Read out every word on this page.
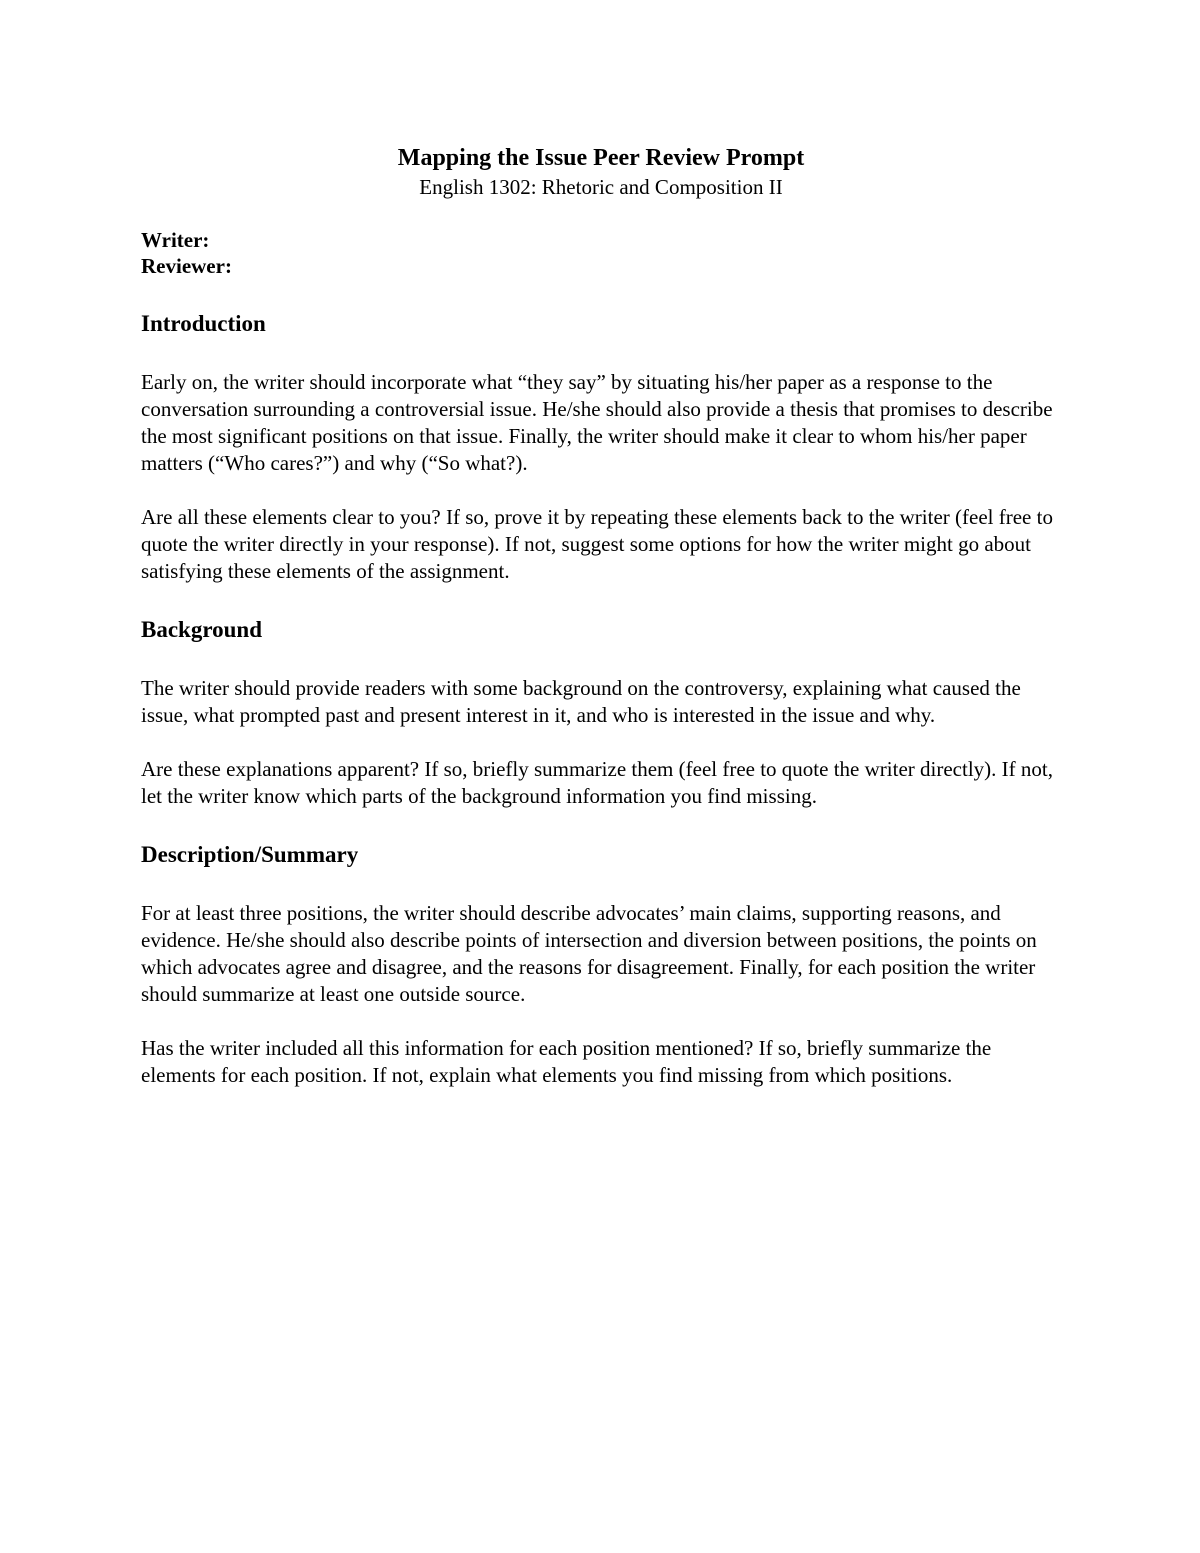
Mapping the Issue Peer Review Prompt
English 1302: Rhetoric and Composition II
Writer:
Reviewer:
Introduction

Early on, the writer should incorporate what “they say” by situating his/her paper as a response to the conversation surrounding a controversial issue. He/she should also provide a thesis that promises to describe the most significant positions on that issue. Finally, the writer should make it clear to whom his/her paper matters (“Who cares?”) and why (“So what?).

Are all these elements clear to you? If so, prove it by repeating these elements back to the writer (feel free to quote the writer directly in your response). If not, suggest some options for how the writer might go about satisfying these elements of the assignment.

Background

The writer should provide readers with some background on the controversy, explaining what caused the issue, what prompted past and present interest in it, and who is interested in the issue and why.

Are these explanations apparent? If so, briefly summarize them (feel free to quote the writer directly). If not, let the writer know which parts of the background information you find missing.

Description/Summary

For at least three positions, the writer should describe advocates’ main claims, supporting reasons, and evidence. He/she should also describe points of intersection and diversion between positions, the points on which advocates agree and disagree, and the reasons for disagreement. Finally, for each position the writer should summarize at least one outside source.

Has the writer included all this information for each position mentioned? If so, briefly summarize the elements for each position. If not, explain what elements you find missing from which positions.
